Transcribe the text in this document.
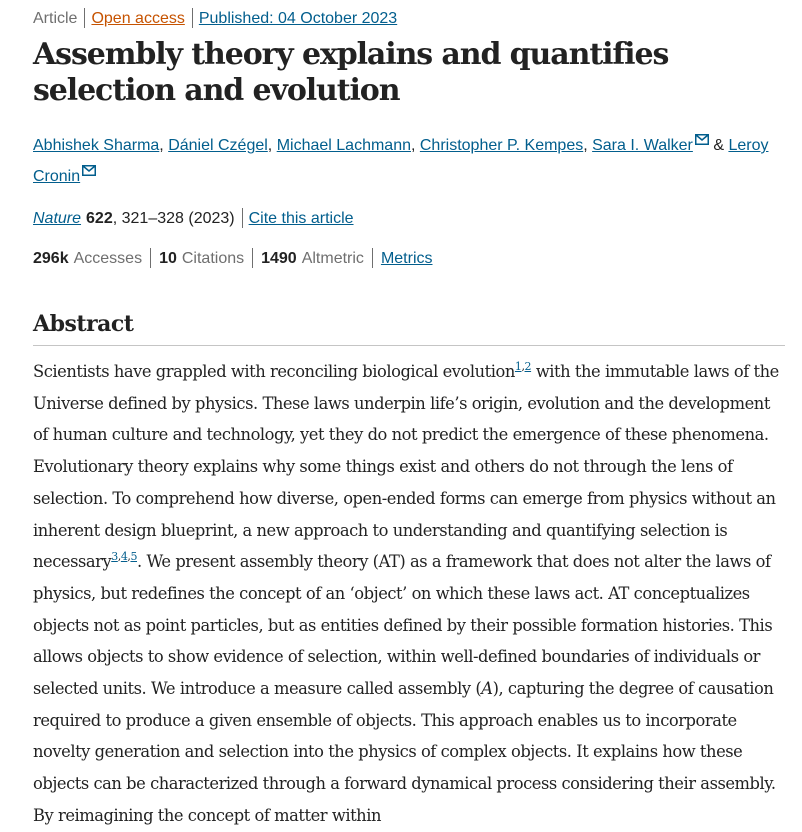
Article Open access Published: 04 October 2023
Assembly theory explains and quantifies selection and evolution
Abhishek Sharma, Dániel Czégel, Michael Lachmann, Christopher P. Kempes, Sara I. Walker & Leroy Cronin
Nature 622, 321–328 (2023) Cite this article
296k Accesses 10 Citations 1490 Altmetric Metrics
Abstract

Scientists have grappled with reconciling biological evolution$^{1,2}$ with the immutable laws of the Universe defined by physics. These laws underpin life’s origin, evolution and the development of human culture and technology, yet they do not predict the emergence of these phenomena. Evolutionary theory explains why some things exist and others do not through the lens of selection. To comprehend how diverse, open-ended forms can emerge from physics without an inherent design blueprint, a new approach to understanding and quantifying selection is necessary$^{3,4,5}$. We present assembly theory (AT) as a framework that does not alter the laws of physics, but redefines the concept of an ‘object’ on which these laws act. AT conceptualizes objects not as point particles, but as entities defined by their possible formation histories. This allows objects to show evidence of selection, within well-defined boundaries of individuals or selected units. We introduce a measure called assembly (A), capturing the degree of causation required to produce a given ensemble of objects. This approach enables us to incorporate novelty generation and selection into the physics of complex objects. It explains how these objects can be characterized through a forward dynamical process considering their assembly. By reimagining the concept of matter within
